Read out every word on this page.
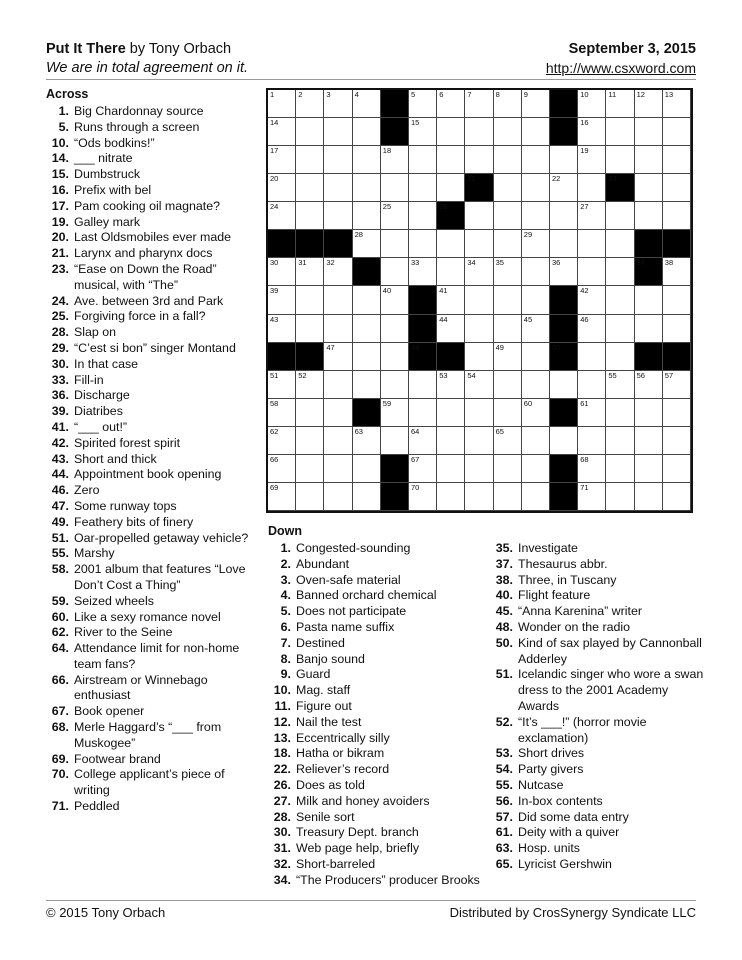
Put It There by Tony Orbach
We are in total agreement on it.
September 3, 2015
http://www.csxword.com
Across
1. Big Chardonnay source
5. Runs through a screen
10. “Ods bodkins!”
14. ___ nitrate
15. Dumbstruck
16. Prefix with bel
17. Pam cooking oil magnate?
19. Galley mark
20. Last Oldsmobiles ever made
21. Larynx and pharynx docs
23. “Ease on Down the Road” musical, with “The”
24. Ave. between 3rd and Park
25. Forgiving force in a fall?
28. Slap on
29. “C’est si bon” singer Montand
30. In that case
33. Fill-in
36. Discharge
39. Diatribes
41. “___ out!”
42. Spirited forest spirit
43. Short and thick
44. Appointment book opening
46. Zero
47. Some runway tops
49. Feathery bits of finery
51. Oar-propelled getaway vehicle?
55. Marshy
58. 2001 album that features “Love Don’t Cost a Thing”
59. Seized wheels
60. Like a sexy romance novel
62. River to the Seine
64. Attendance limit for non-home team fans?
66. Airstream or Winnebago enthusiast
67. Book opener
68. Merle Haggard’s “___ from Muskogee”
69. Footwear brand
70. College applicant’s piece of writing
71. Peddled
1	2	3	4	5	6	7	8	9	10	11	12	13
14	15	16
17	18	19
20	21	22	23
24	25	26	27
28	29
30	31	32	33	34	35	36	37	38
39	40	41	42
43	44	45	46
47	48	49	50
51	52	53	54	55	56	57
58	59	60	61
62	63	64	65
66	67	68
69	70	71
Down
1. Congested-sounding
2. Abundant
3. Oven-safe material
4. Banned orchard chemical
5. Does not participate
6. Pasta name suffix
7. Destined
8. Banjo sound
9. Guard
10. Mag. staff
11. Figure out
12. Nail the test
13. Eccentrically silly
18. Hatha or bikram
22. Reliever’s record
26. Does as told
27. Milk and honey avoiders
28. Senile sort
30. Treasury Dept. branch
31. Web page help, briefly
32. Short-barreled
34. “The Producers” producer Brooks
35. Investigate
37. Thesaurus abbr.
38. Three, in Tuscany
40. Flight feature
45. “Anna Karenina” writer
48. Wonder on the radio
50. Kind of sax played by Cannonball Adderley
51. Icelandic singer who wore a swan dress to the 2001 Academy Awards
52. “It’s ___!” (horror movie exclamation)
53. Short drives
54. Party givers
55. Nutcase
56. In-box contents
57. Did some data entry
61. Deity with a quiver
63. Hosp. units
65. Lyricist Gershwin
© 2015 Tony Orbach	Distributed by CrosSynergy Syndicate LLC
